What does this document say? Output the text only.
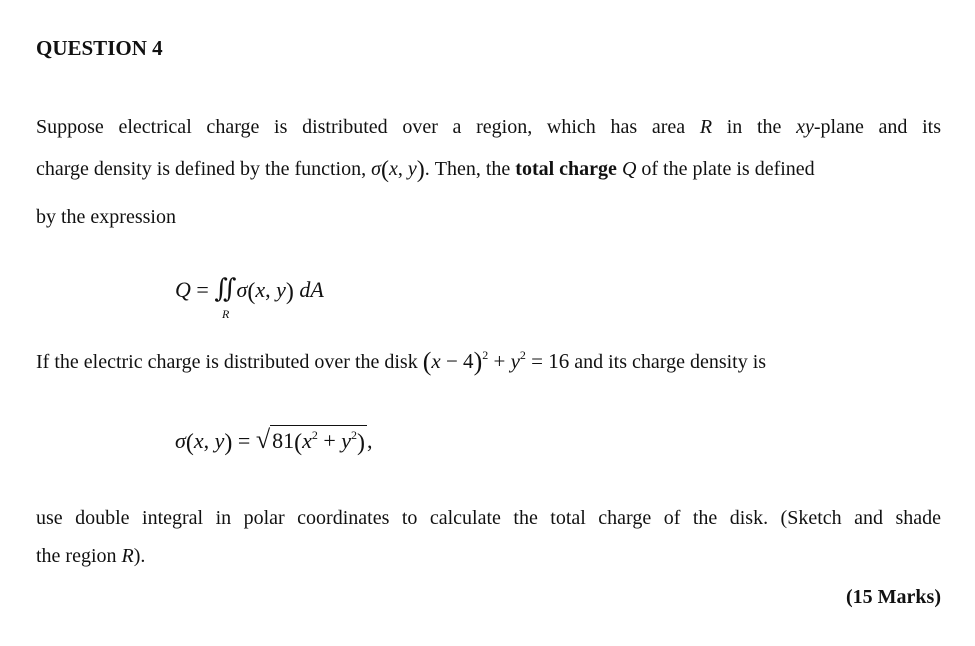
QUESTION 4
Suppose electrical charge is distributed over a region, which has area R in the xy-plane and its
charge density is defined by the function, σ(x, y). Then, the total charge Q of the plate is defined
by the expression
Q = ∬σ(x, y) dA
R
If the electric charge is distributed over the disk $(x - 4)^2 + y^2 = 16$ and its charge density is
σ(x, $y) = √81(x^2 + y^2)$,
use double integral in polar coordinates to calculate the total charge of the disk. (Sketch and shade
the region R).
(15 Marks)
